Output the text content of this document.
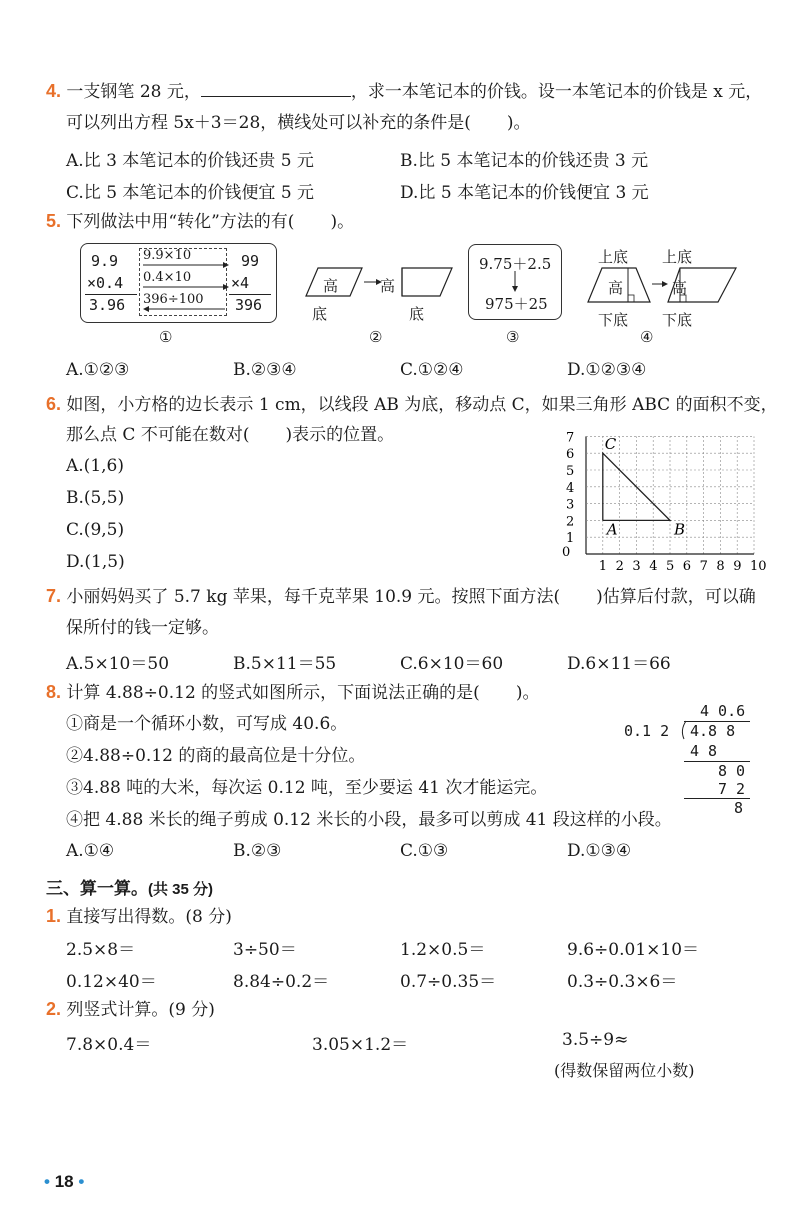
4. 一支钢笔 28 元，	，求一本笔记本的价钱。设一本笔记本的价钱是 x 元，
可以列出方程 5x＋3＝28，横线处可以补充的条件是( )。
A.比 3 本笔记本的价钱还贵 5 元	B.比 5 本笔记本的价钱还贵 3 元
C.比 5 本笔记本的价钱便宜 5 元	D.比 5 本笔记本的价钱便宜 3 元
5. 下列做法中用“转化”方法的有( )。
9.9
×0.4
3.96
9.9×10
0.4×10
396÷100
99
×4
396
①
高	高
底	底
②
9.75＋2.5
975＋25
③
上底 上底
高	高
下底 下底
④
A.①②③	B.②③④	C.①②④	D.①②③④
6. 如图，小方格的边长表示 1 cm，以线段 AB 为底，移动点 C，如果三角形 ABC 的面积不变，
那么点 C 不可能在数对( )表示的位置。
A.(1,6)
B.(5,5)
C.(9,5)
D.(1,5)	0
1 2 3 4 5 6 7 8 9 10
1
2
3
4
5
6
7
A	B
C
7. 小丽妈妈买了 5.7 kg 苹果，每千克苹果 10.9 元。按照下面方法( )估算后付款，可以确
保所付的钱一定够。
A.5×10＝50	B.5×11＝55	C.6×10＝60	D.6×11＝66
8. 计算 4.88÷0.12 的竖式如图所示，下面说法正确的是( )。
①商是一个循环小数，可写成 40.6̇。
②4.88÷0.12 的商的最高位是十分位。
③4.88 吨的大米，每次运 0.12 吨，至少要运 41 次才能运完。
④把 4.88 米长的绳子剪成 0.12 米长的小段，最多可以剪成 41 段这样的小段。
A.①④	B.②③	C.①③	D.①③④
4 0.6
0.1 2 4.8 8
4 8
8 0
7 2
8
三、算一算。(共 35 分)
1. 直接写出得数。(8 分)
2.5×8＝	3÷50＝	1.2×0.5＝	9.6÷0.01×10＝
0.12×40＝	8.84÷0.2＝	0.7÷0.35＝	0.3÷0.3×6＝
2. 列竖式计算。(9 分)
7.8×0.4＝	3.05×1.2＝	3.5÷9≈
(得数保留两位小数)
• 18 •
